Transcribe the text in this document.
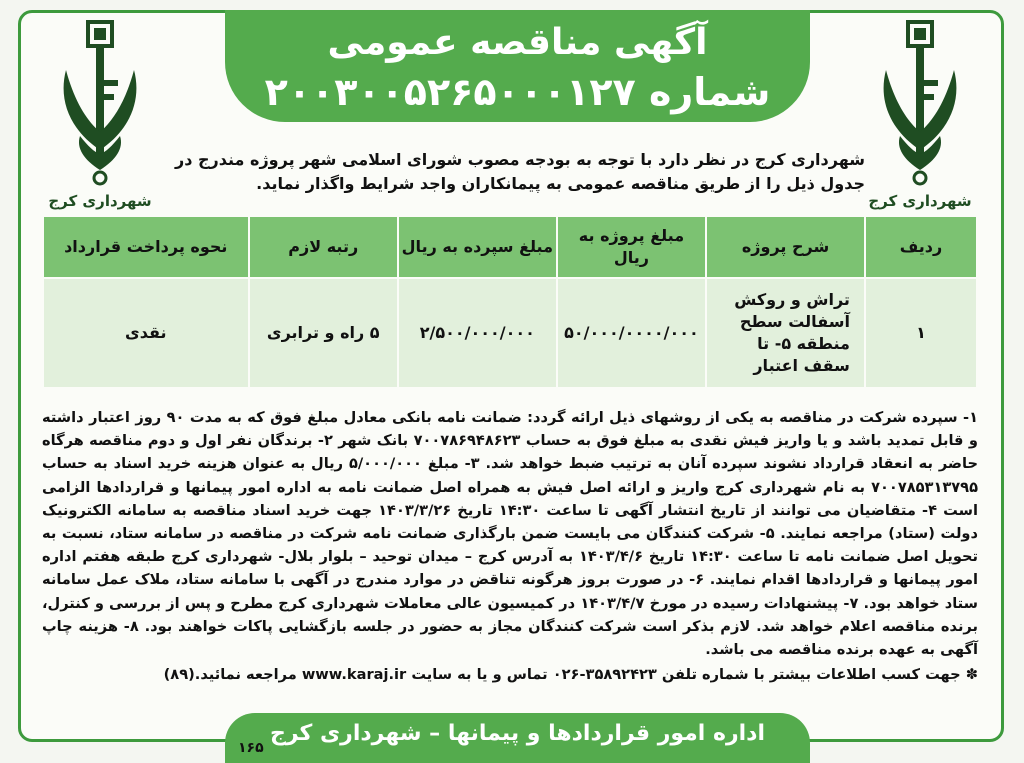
آگهی مناقصه عمومی
شماره ۲۰۰۳۰۰۵۲۶۵۰۰۰۱۲۷
شهرداری کرج	شهرداری کرج
شهرداری کرج در نظر دارد با توجه به بودجه مصوب شورای اسلامی شهر پروژه مندرج در جدول ذیل را از طریق مناقصه عمومی به پیمانکاران واجد شرایط واگذار نماید.
ردیف	شرح پروژه	مبلغ پروژه به ریال	مبلغ سپرده به ریال	رتبه لازم	نحوه پرداخت قرارداد
۱	تراش و روکش آسفالت سطح منطقه ۵- تا سقف اعتبار	۵۰/۰۰۰/۰۰۰۰/۰۰۰	۲/۵۰۰/۰۰۰/۰۰۰	۵ راه و ترابری	نقدی
۱- سپرده شرکت در مناقصه به یکی از روشهای ذیل ارائه گردد: ضمانت نامه بانکی معادل مبلغ فوق که به مدت ۹۰ روز اعتبار داشته و قابل تمدید باشد و یا واریز فیش نقدی به مبلغ فوق به حساب ۷۰۰۷۸۶۹۴۸۶۲۳ بانک شهر ۲- برندگان نفر اول و دوم مناقصه هرگاه حاضر به انعقاد قرارداد نشوند سپرده آنان به ترتیب ضبط خواهد شد. ۳- مبلغ ۵/۰۰۰/۰۰۰ ریال به عنوان هزینه خرید اسناد به حساب ۷۰۰۷۸۵۳۱۳۷۹۵ به نام شهرداری کرج واریز و ارائه اصل فیش به همراه اصل ضمانت نامه به اداره امور پیمانها و قراردادها الزامی است ۴- متقاضیان می توانند از تاریخ انتشار آگهی تا ساعت ۱۴:۳۰ تاریخ ۱۴۰۳/۳/۲۶ جهت خرید اسناد مناقصه به سامانه الکترونیک دولت (ستاد) مراجعه نمایند. ۵- شرکت کنندگان می بایست ضمن بارگذاری ضمانت نامه شرکت در مناقصه در سامانه ستاد، نسبت به تحویل اصل ضمانت نامه تا ساعت ۱۴:۳۰ تاریخ ۱۴۰۳/۴/۶ به آدرس کرج – میدان توحید – بلوار بلال- شهرداری کرج طبقه هفتم اداره امور پیمانها و قراردادها اقدام نمایند. ۶- در صورت بروز هرگونه تناقض در موارد مندرج در آگهی با سامانه ستاد، ملاک عمل سامانه ستاد خواهد بود. ۷- پیشنهادات رسیده در مورخ ۱۴۰۳/۴/۷ در کمیسیون عالی معاملات شهرداری کرج مطرح و پس از بررسی و کنترل، برنده مناقصه اعلام خواهد شد. لازم بذکر است شرکت کنندگان مجاز به حضور در جلسه بازگشایی پاکات خواهند بود. ۸- هزینه چاپ آگهی به عهده برنده مناقصه می باشد.
✽ جهت کسب اطلاعات بیشتر با شماره تلفن ۳۵۸۹۲۴۲۳-۰۲۶ تماس و یا به سایت www.karaj.ir مراجعه نمائید.(۸۹)
اداره امور قراردادها و پیمانها – شهرداری کرج
۱۶۵
